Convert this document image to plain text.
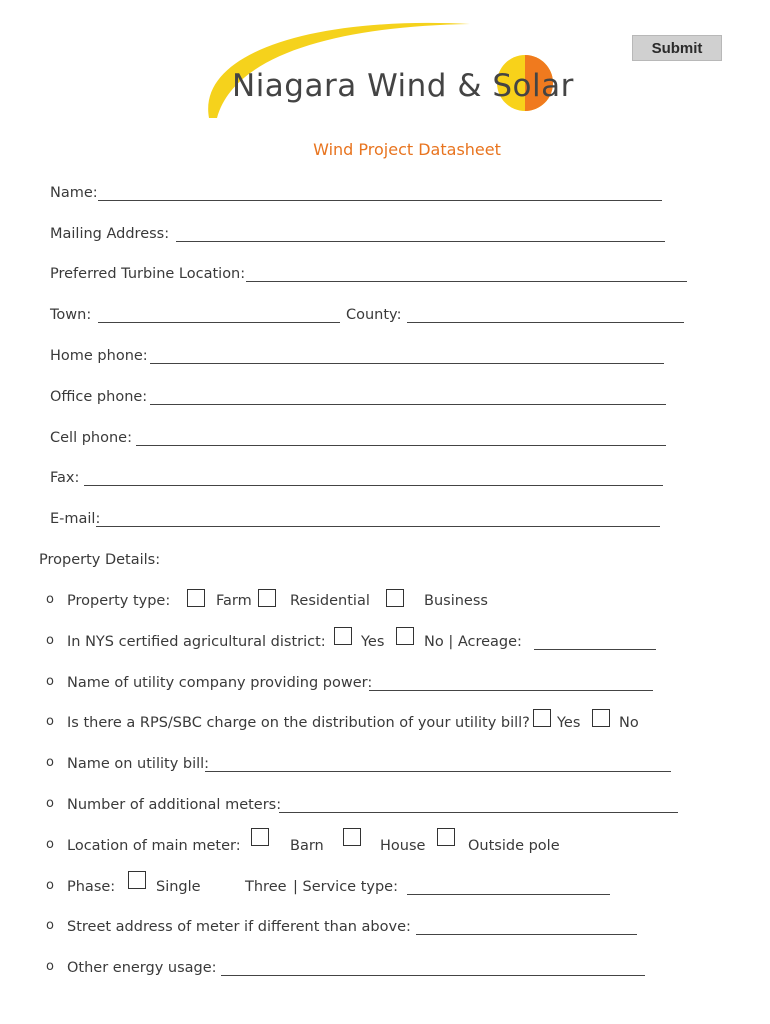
Submit
Niagara Wind & Solar
Wind Project Datasheet
Name:
Mailing Address:
Preferred Turbine Location:
Town:	County:
Home phone:
Office phone:
Cell phone:
Fax:
E-mail:
Property Details:
o Property type:	Farm	Residential	Business
o In NYS certified agricultural district: Yes	No | Acreage:
o Name of utility company providing power:
o Is there a RPS/SBC charge on the distribution of your utility bill? Yes	No
o Name on utility bill:
o Number of additional meters:
o Location of main meter:	Barn	House	Outside pole
o Phase:	Single	Three | Service type:
o Street address of meter if different than above:
o Other energy usage:
